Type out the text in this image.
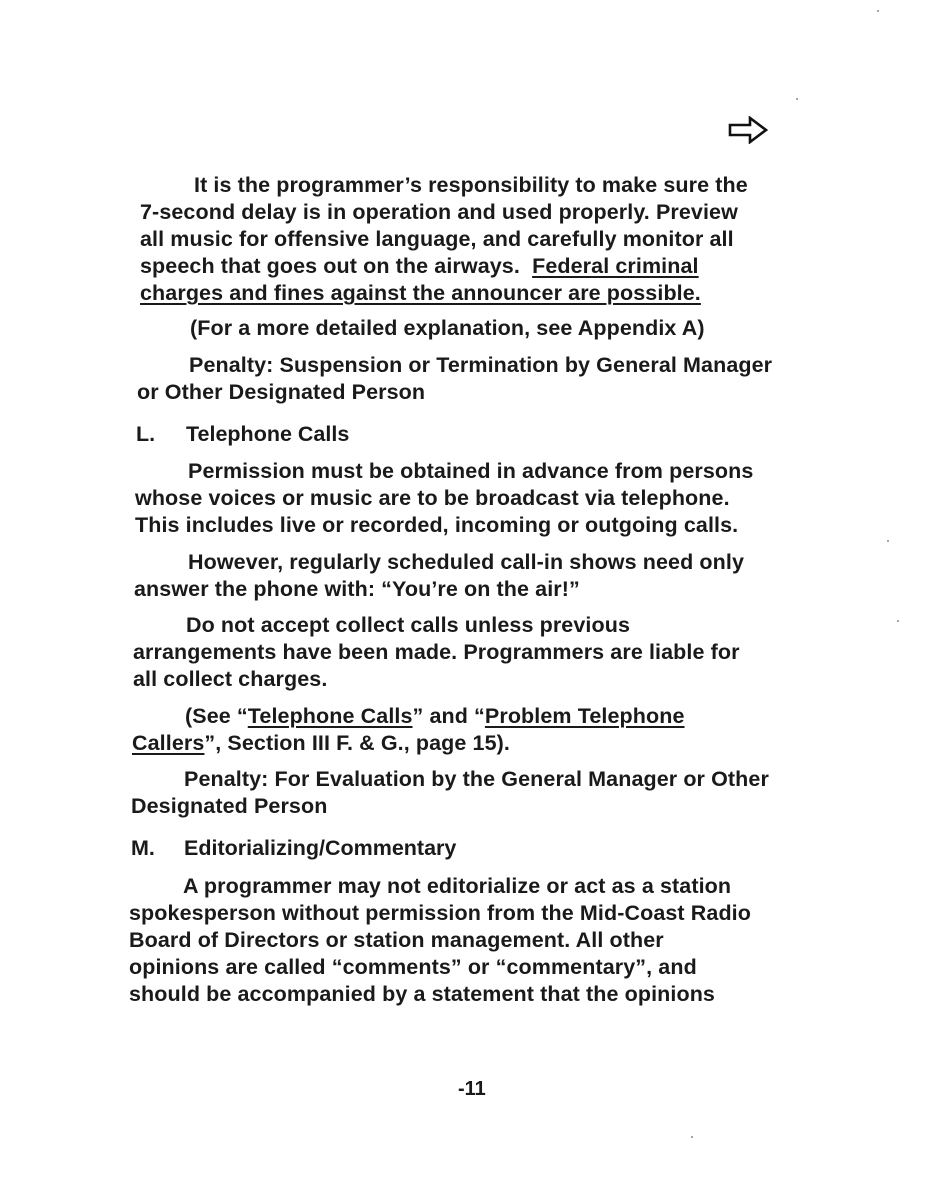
It is the programmer’s responsibility to make sure the
7-second delay is in operation and used properly. Preview
all music for offensive language, and carefully monitor all
speech that goes out on the airways. Federal criminal
charges and fines against the announcer are possible.
(For a more detailed explanation, see Appendix A)
Penalty: Suspension or Termination by General Manager
or Other Designated Person
L. Telephone Calls
Permission must be obtained in advance from persons
whose voices or music are to be broadcast via telephone.
This includes live or recorded, incoming or outgoing calls.
However, regularly scheduled call-in shows need only
answer the phone with: “You’re on the air!”
Do not accept collect calls unless previous
arrangements have been made. Programmers are liable for
all collect charges.
(See “Telephone Calls” and “Problem Telephone
Callers”, Section III F. & G., page 15).
Penalty: For Evaluation by the General Manager or Other
Designated Person
M. Editorializing/Commentary
A programmer may not editorialize or act as a station
spokesperson without permission from the Mid-Coast Radio
Board of Directors or station management. All other
opinions are called “comments” or “commentary”, and
should be accompanied by a statement that the opinions
-11
